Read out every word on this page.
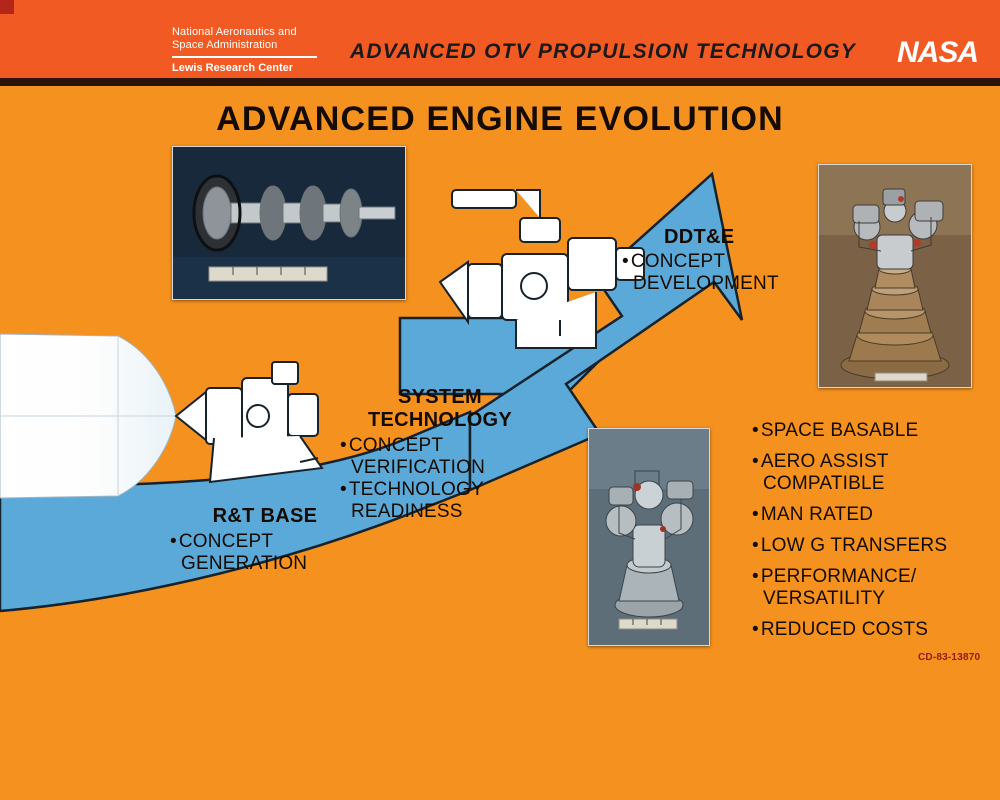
National Aeronautics and
Space Administration
Lewis Research Center
ADVANCED OTV PROPULSION TECHNOLOGY NASA
ADVANCED ENGINE EVOLUTION
R&T BASE
• CONCEPT
GENERATION
SYSTEM
TECHNOLOGY
• CONCEPT
VERIFICATION
• TECHNOLOGY
READINESS
DDT&E
• CONCEPT
DEVELOPMENT
• SPACE BASABLE
• AERO ASSIST
COMPATIBLE
• MAN RATED
• LOW G TRANSFERS
• PERFORMANCE/
VERSATILITY
• REDUCED COSTS
CD-83-13870
